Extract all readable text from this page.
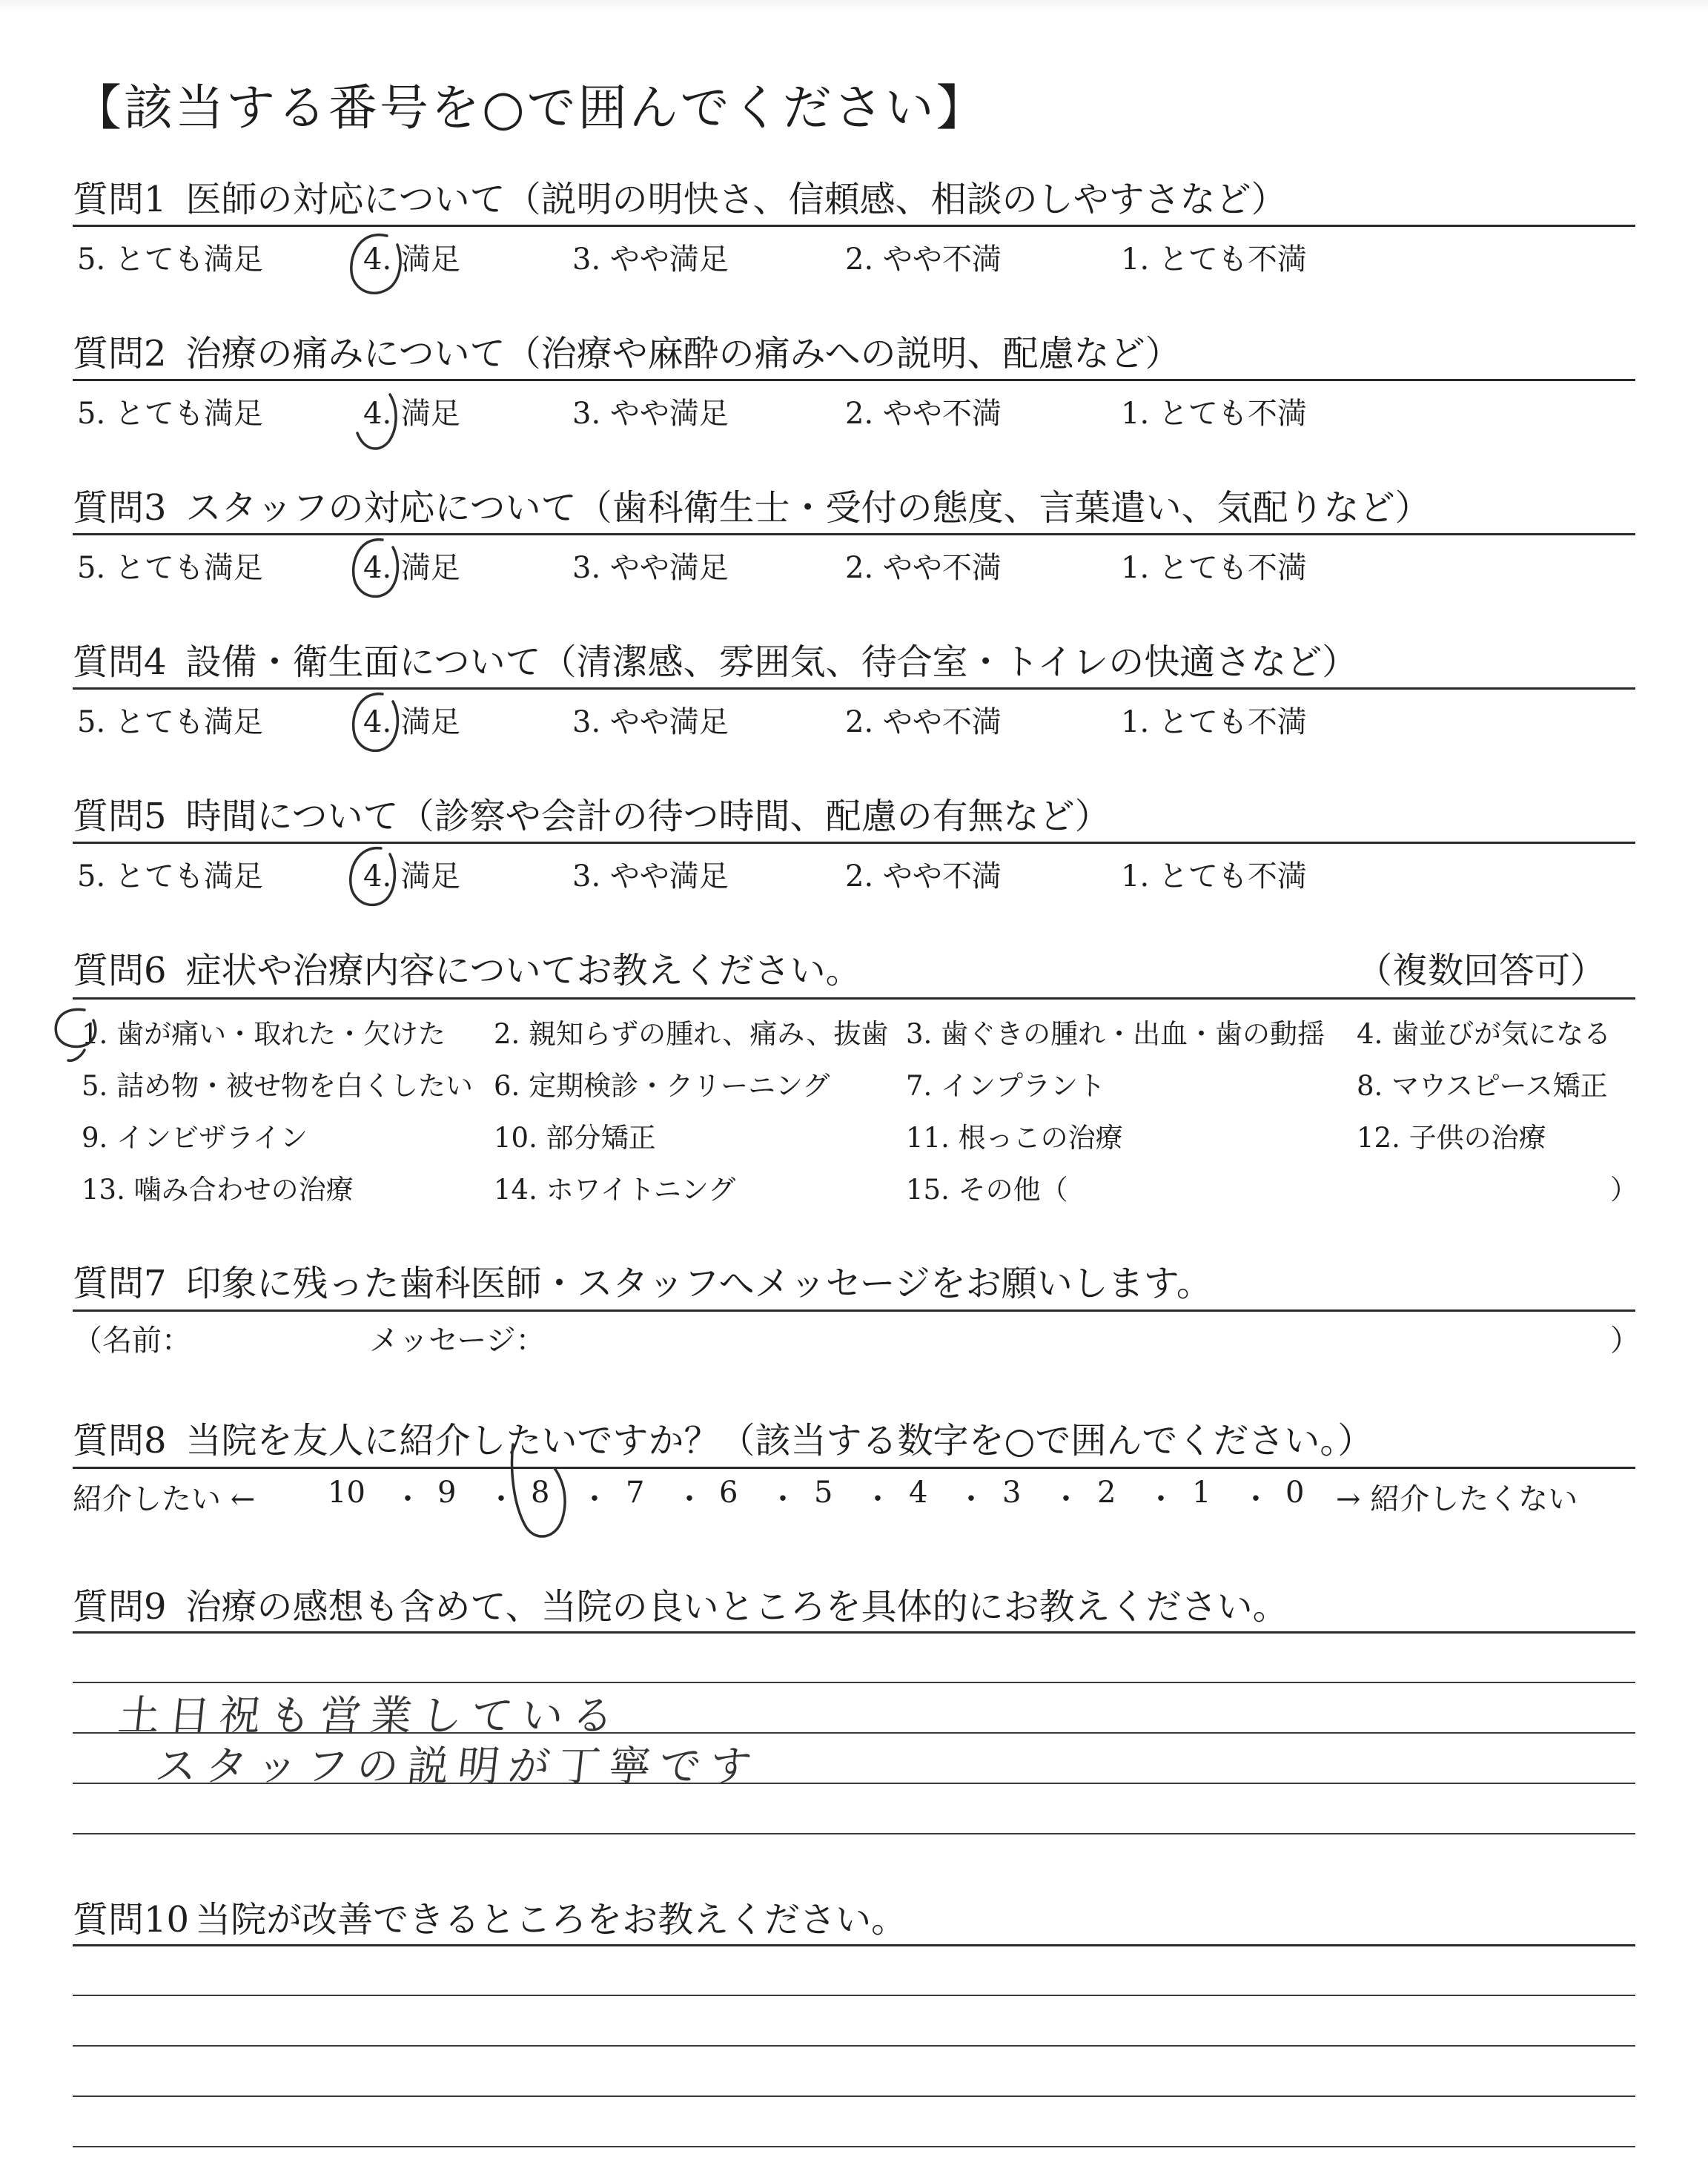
【該当する番号を○で囲んでください】
質問1 医師の対応について（説明の明快さ、信頼感、相談のしやすさなど）
5. とても満足	4. 満足	3. やや満足	2. やや不満	1. とても不満
質問2 治療の痛みについて（治療や麻酔の痛みへの説明、配慮など）
5. とても満足	4. 満足	3. やや満足	2. やや不満	1. とても不満
質問3 スタッフの対応について（歯科衛生士・受付の態度、言葉遣い、気配りなど）
5. とても満足	4. 満足	3. やや満足	2. やや不満	1. とても不満
質問4 設備・衛生面について（清潔感、雰囲気、待合室・トイレの快適さなど）
5. とても満足	4. 満足	3. やや満足	2. やや不満	1. とても不満
質問5 時間について（診察や会計の待つ時間、配慮の有無など）
5. とても満足	4. 満足	3. やや満足	2. やや不満	1. とても不満
質問6 症状や治療内容についてお教えください。	（複数回答可）
1. 歯が痛い・取れた・欠けた 2. 親知らずの腫れ、痛み、抜歯 3. 歯ぐきの腫れ・出血・歯の動揺 4. 歯並びが気になる
5. 詰め物・被せ物を白くしたい 6. 定期検診・クリーニング	7. インプラント	8. マウスピース矯正
9. インビザライン	10. 部分矯正	11. 根っこの治療	12. 子供の治療
13. 噛み合わせの治療	14. ホワイトニング	15. その他（	）
質問7 印象に残った歯科医師・スタッフへメッセージをお願いします。
（名前：	メッセージ：	）
質問8 当院を友人に紹介したいですか？（該当する数字を○で囲んでください。）
紹介したい ← 10 ・ 9 ・ 8 ・ 7 ・ 6 ・ 5 ・ 4 ・ 3 ・ 2 ・ 1 ・ 0 → 紹介したくない
質問9 治療の感想も含めて、当院の良いところを具体的にお教えください。
土日祝も営業している
スタッフの説明が丁寧です
質問10 当院が改善できるところをお教えください。
